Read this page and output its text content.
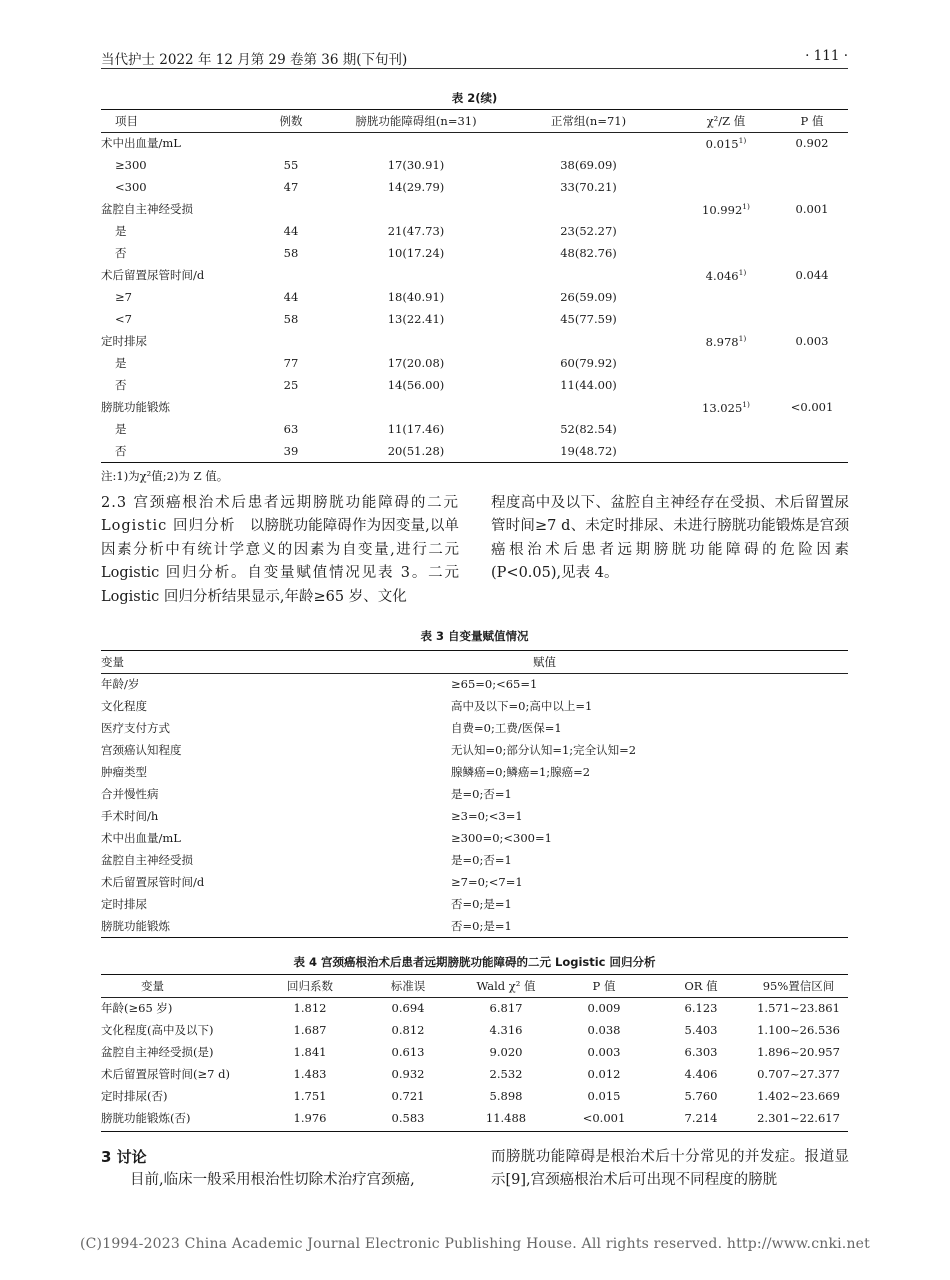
当代护士 2022 年 12 月第 29 卷第 36 期(下旬刊)	· 111 ·
表 2(续)
项目	例数	膀胱功能障碍组(n=31)	正常组(n=71)	χ²/Z 值	P 值
术中出血量/mL				0.015$^{1)}$	0.902
≥300	55	17(30.91)	38(69.09)		
<300	47	14(29.79)	33(70.21)		
盆腔自主神经受损				10.992$^{1)}$	0.001
是	44	21(47.73)	23(52.27)		
否	58	10(17.24)	48(82.76)		
术后留置尿管时间/d				4.046$^{1)}$	0.044
≥7	44	18(40.91)	26(59.09)		
<7	58	13(22.41)	45(77.59)		
定时排尿				8.978$^{1)}$	0.003
是	77	17(20.08)	60(79.92)		
否	25	14(56.00)	11(44.00)		
膀胱功能锻炼				$13.025^{1)}$	<0.001
是	63	11(17.46)	52(82.54)		
否	39	20(51.28)	19(48.72)		
注:1)为χ²值;2)为 Z 值。
2.3 宫颈癌根治术后患者远期膀胱功能障碍的二元 Logistic 回归分析 以膀胱功能障碍作为因变量,以单因素分析中有统计学意义的因素为自变量,进行二元 Logistic 回归分析。自变量赋值情况见表 3。二元 Logistic 回归分析结果显示,年龄≥65 岁、文化
程度高中及以下、盆腔自主神经存在受损、术后留置尿管时间≥7 d、未定时排尿、未进行膀胱功能锻炼是宫颈癌根治术后患者远期膀胱功能障碍的危险因素(P<0.05),见表 4。
表 3 自变量赋值情况
变量	赋值
年龄/岁	≥65=0;<65=1
文化程度	高中及以下=0;高中以上=1
医疗支付方式	自费=0;工费/医保=1
宫颈癌认知程度	无认知=0;部分认知=1;完全认知=2
肿瘤类型	腺鳞癌=0;鳞癌=1;腺癌=2
合并慢性病	是=0;否=1
手术时间/h	≥3=0;<3=1
术中出血量/mL	≥300=0;<300=1
盆腔自主神经受损	是=0;否=1
术后留置尿管时间/d	≥7=0;<7=1
定时排尿	否=0;是=1
膀胱功能锻炼	否=0;是=1
表 4 宫颈癌根治术后患者远期膀胱功能障碍的二元 Logistic 回归分析
变量	回归系数	标准误	Wald χ² 值	P 值	OR 值	95%置信区间
年龄(≥65 岁)	1.812	0.694	6.817	0.009	6.123	1.571~23.861
文化程度(高中及以下)	1.687	0.812	4.316	0.038	5.403	1.100~26.536
盆腔自主神经受损(是)	1.841	0.613	9.020	0.003	6.303	1.896~20.957
术后留置尿管时间(≥7 d)	1.483	0.932	2.532	0.012	4.406	0.707~27.377
定时排尿(否)	1.751	0.721	5.898	0.015	5.760	1.402~23.669
膀胱功能锻炼(否)	1.976	0.583	11.488	<0.001	7.214	2.301~22.617
3 讨论
目前,临床一般采用根治性切除术治疗宫颈癌,
而膀胱功能障碍是根治术后十分常见的并发症。报道显示[9],宫颈癌根治术后可出现不同程度的膀胱
(C)1994-2023 China Academic Journal Electronic Publishing House. All rights reserved. http://www.cnki.net
